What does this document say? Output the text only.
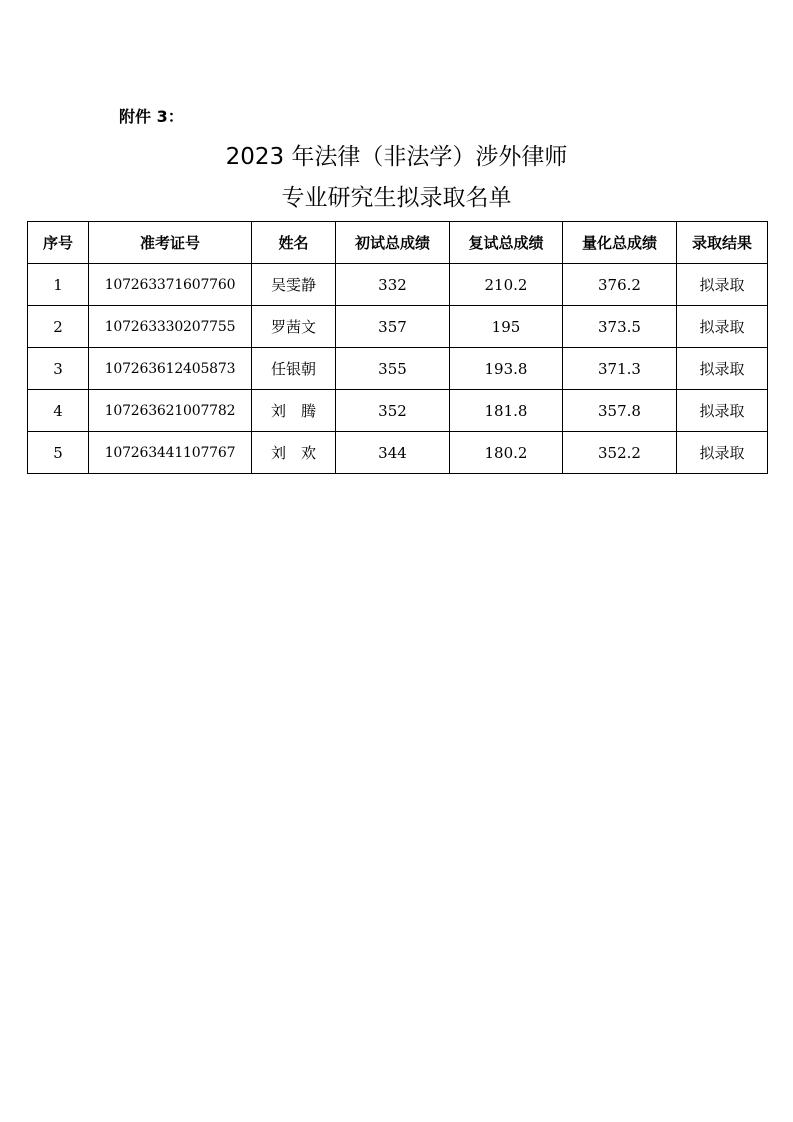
附件 3：
2023 年法律（非法学）涉外律师
专业研究生拟录取名单
序号	准考证号	姓名	初试总成绩	复试总成绩	量化总成绩	录取结果
1	107263371607760	吴雯静	332	210.2	376.2	拟录取
2	107263330207755	罗茜文	357	195	373.5	拟录取
3	107263612405873	任银朝	355	193.8	371.3	拟录取
4	107263621007782	刘　腾	352	181.8	357.8	拟录取
5	107263441107767	刘　欢	344	180.2	352.2	拟录取
